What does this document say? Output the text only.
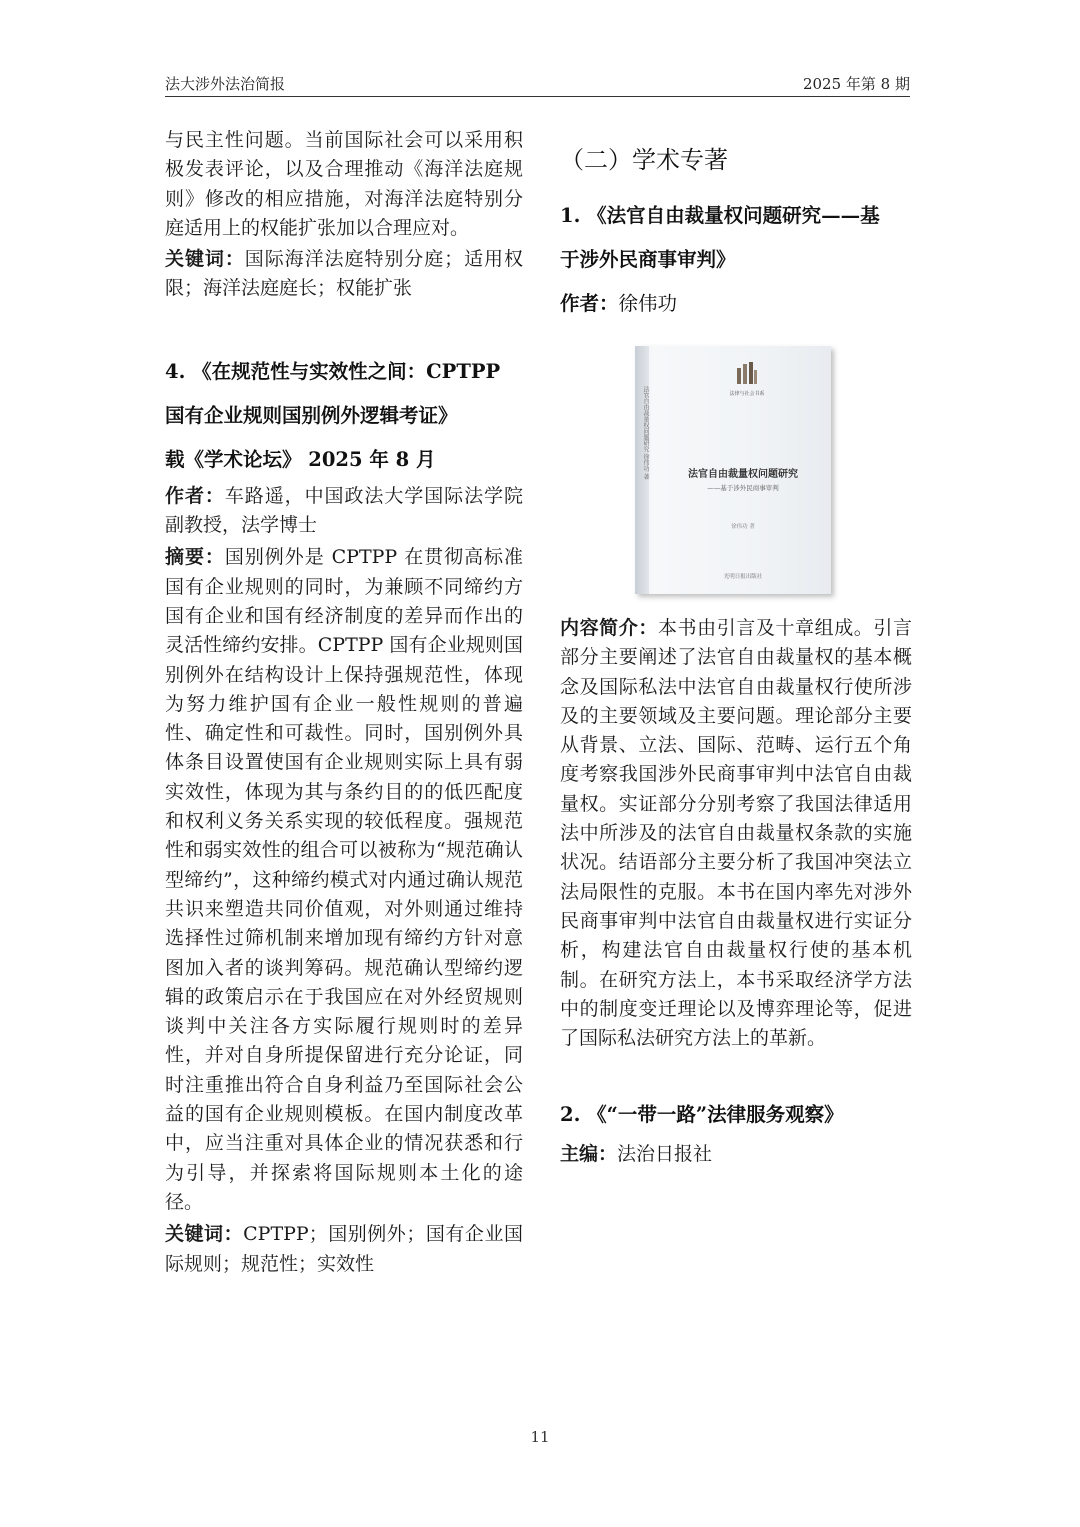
法大涉外法治简报	2025 年第 8 期

与民主性问题。当前国际社会可以采用积极发表评论，以及合理推动《海洋法庭规则》修改的相应措施，对海洋法庭特别分庭适用上的权能扩张加以合理应对。

关键词：国际海洋法庭特别分庭；适用权限；海洋法庭庭长；权能扩张

4. 《在规范性与实效性之间：CPTPP

国有企业规则国别例外逻辑考证》

载《学术论坛》 2025 年 8 月

作者：车路遥，中国政法大学国际法学院副教授，法学博士

摘要：国别例外是 CPTPP 在贯彻高标准国有企业规则的同时，为兼顾不同缔约方国有企业和国有经济制度的差异而作出的灵活性缔约安排。CPTPP 国有企业规则国别例外在结构设计上保持强规范性，体现为努力维护国有企业一般性规则的普遍性、确定性和可裁性。同时，国别例外具体条目设置使国有企业规则实际上具有弱实效性，体现为其与条约目的的低匹配度和权利义务关系实现的较低程度。强规范性和弱实效性的组合可以被称为“规范确认型缔约”，这种缔约模式对内通过确认规范共识来塑造共同价值观，对外则通过维持选择性过筛机制来增加现有缔约方针对意图加入者的谈判筹码。规范确认型缔约逻辑的政策启示在于我国应在对外经贸规则谈判中关注各方实际履行规则时的差异性，并对自身所提保留进行充分论证，同时注重推出符合自身利益乃至国际社会公益的国有企业规则模板。在国内制度改革中，应当注重对具体企业的情况获悉和行为引导，并探索将国际规则本土化的途径。

关键词：CPTPP；国别例外；国有企业国际规则；规范性；实效性

（二）学术专著

1. 《法官自由裁量权问题研究——基

于涉外民商事审判》

作者：徐伟功

法官自由裁量权问题研究 徐伟功 著	法律与社会书系
法官自由裁量权问题研究
——基于涉外民商事审判
徐伟功 著
光明日报出版社

内容简介：本书由引言及十章组成。引言部分主要阐述了法官自由裁量权的基本概念及国际私法中法官自由裁量权行使所涉及的主要领域及主要问题。理论部分主要从背景、立法、国际、范畴、运行五个角度考察我国涉外民商事审判中法官自由裁量权。实证部分分别考察了我国法律适用法中所涉及的法官自由裁量权条款的实施状况。结语部分主要分析了我国冲突法立法局限性的克服。本书在国内率先对涉外民商事审判中法官自由裁量权进行实证分析，构建法官自由裁量权行使的基本机制。在研究方法上，本书采取经济学方法中的制度变迁理论以及博弈理论等，促进了国际私法研究方法上的革新。

2. 《“一带一路”法律服务观察》

主编：法治日报社

11
